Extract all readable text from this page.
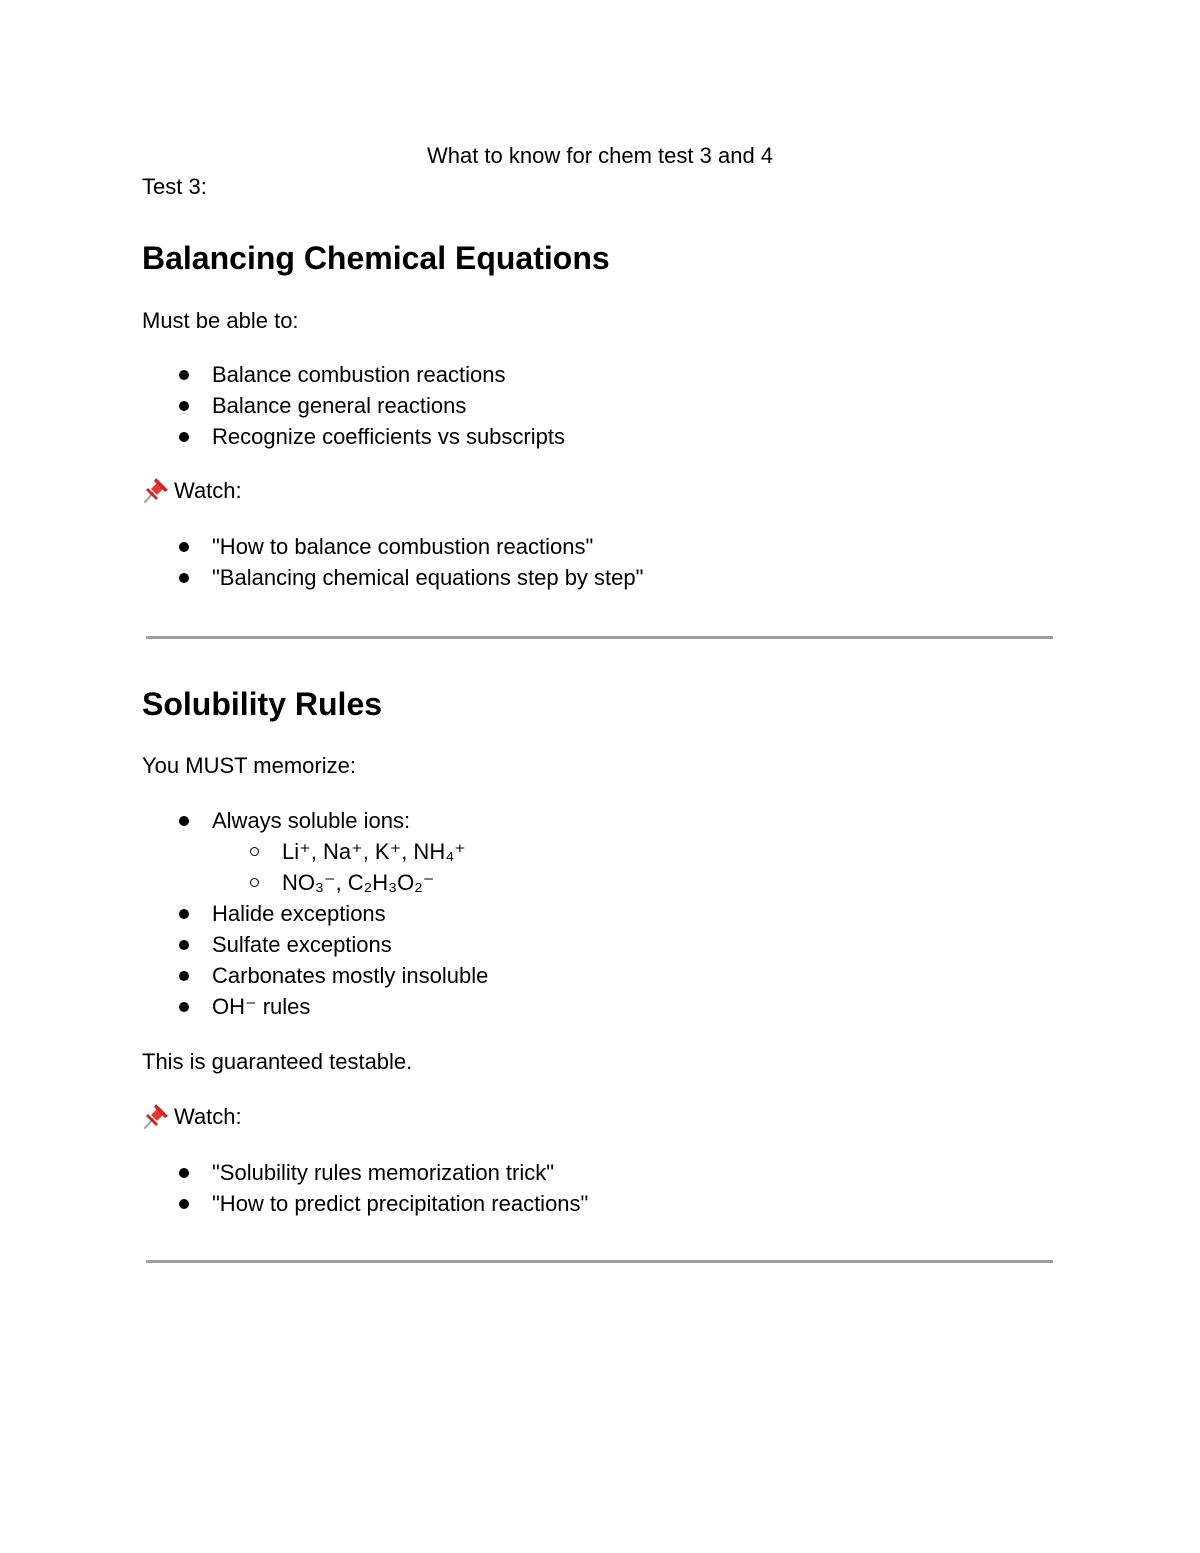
What to know for chem test 3 and 4
Test 3:
Balancing Chemical Equations
Must be able to:
Balance combustion reactions
Balance general reactions
Recognize coefficients vs subscripts
Watch:
"How to balance combustion reactions"
"Balancing chemical equations step by step"
Solubility Rules
You MUST memorize:
Always soluble ions:
Li⁺, Na⁺, K⁺, NH₄⁺
NO₃⁻, C₂H₃O₂⁻
Halide exceptions
Sulfate exceptions
Carbonates mostly insoluble
OH⁻ rules
This is guaranteed testable.
Watch:
"Solubility rules memorization trick"
"How to predict precipitation reactions"
